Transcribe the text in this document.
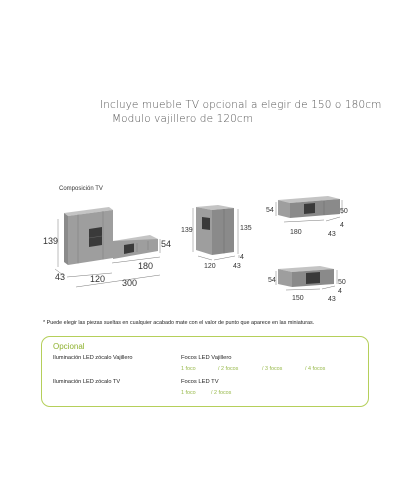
Incluye mueble TV opcional a elegir de 150 o 180cm
Modulo vajillero de 120cm
Composición TV
139
43	120
180
300
54
139	135
120 43
4
54	50
180	43
4
54	50
150	43
4
* Puede elegir las piezas sueltas en cualquier acabado mate con el valor de punto que aparece en las miniaturas.
Opcional
Iluminación LED zócalo Vajillero	Focos LED Vajillero
1 foco	/ 2 focos	/ 3 focos	/ 4 focos
Iluminación LED zócalo TV	Focos LED TV
1 foco	/ 2 focos
